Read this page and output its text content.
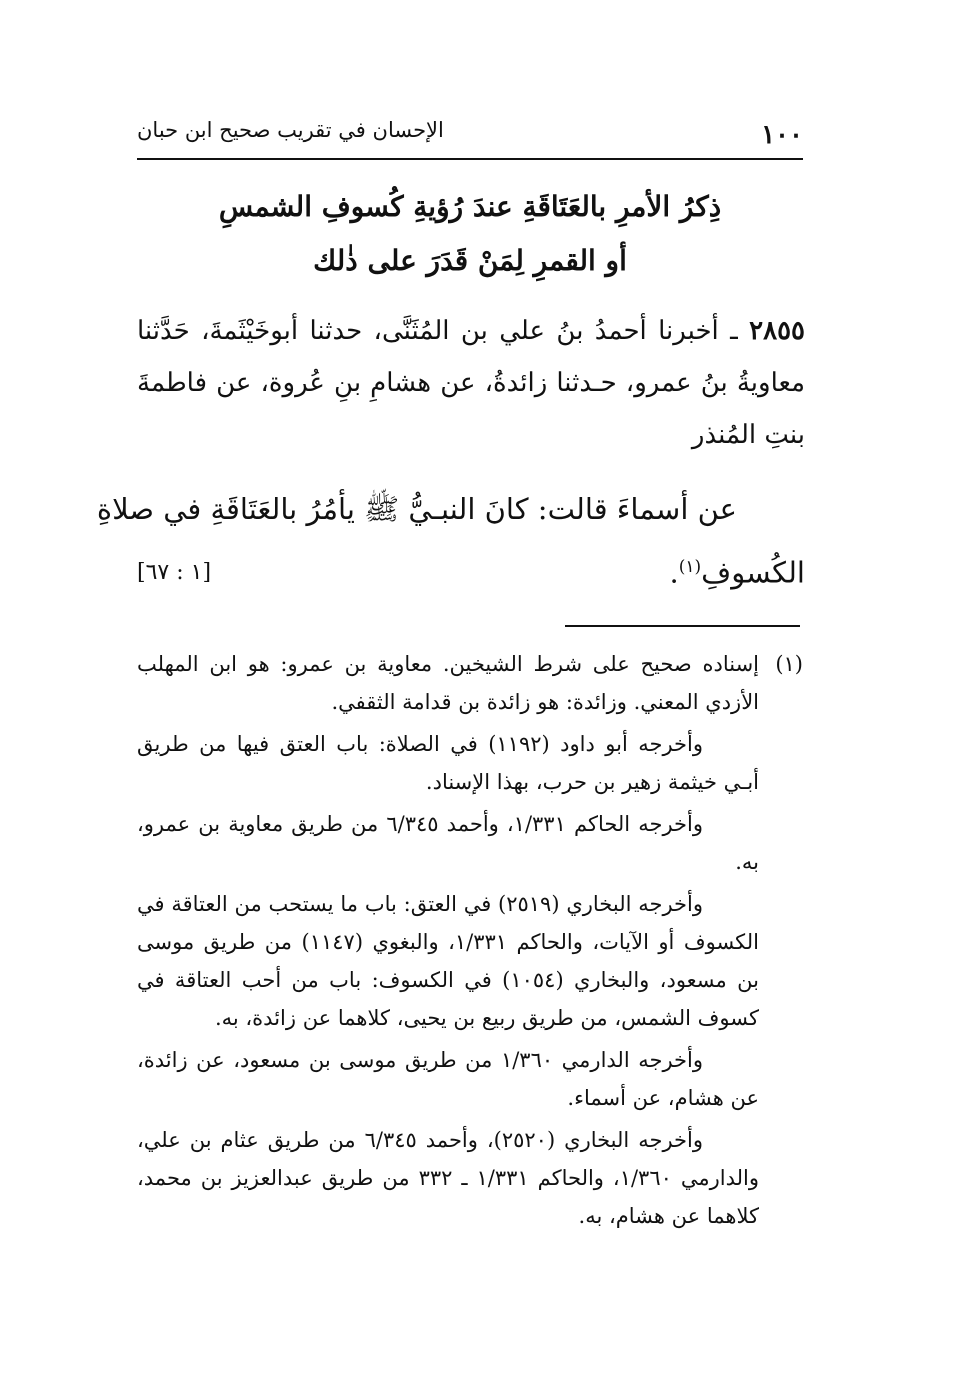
١٠٠
الإحسان في تقريب صحيح ابن حبان
ذِكرُ الأمرِ بالعَتَاقَةِ عندَ رُؤيةِ كُسوفِ الشمسِ
أو القمرِ لِمَنْ قَدَرَ على ذٰلك
٢٨٥٥ ـ أخبرنا أحمدُ بنُ علي بن المُثَنَّى، حدثنا أبوخَيْثَمةَ، حَدَّثنا معاويةُ بنُ عمرو، حـدثنا زائدةُ، عن هشامِ بنِ عُروة، عن فاطمةَ بنتِ المُنذر
عن أسماءَ قالت: كانَ النبـيُّ ﷺ يأمُرُ بالعَتَاقَةِ في صلاةِ
الكُسوفِ$^{(١)}$.
[١ : ٦٧]
(١)
إسناده صحيح على شرط الشيخين. معاوية بن عمرو: هو ابن المهلب الأزدي المعني. وزائدة: هو زائدة بن قدامة الثقفي.
وأخرجه أبو داود (١١٩٢) في الصلاة: باب العتق فيها من طريق أبـي خيثمة زهير بن حرب، بهذا الإسناد.
وأخرجه الحاكم ١/٣٣١، وأحمد ٦/٣٤٥ من طريق معاوية بن عمرو، به.
وأخرجه البخاري (٢٥١٩) في العتق: باب ما يستحب من العتاقة في الكسوف أو الآيات، والحاكم ١/٣٣١، والبغوي (١١٤٧) من طريق موسى بن مسعود، والبخاري (١٠٥٤) في الكسوف: باب من أحب العتاقة في كسوف الشمس، من طريق ربيع بن يحيى، كلاهما عن زائدة، به.
وأخرجه الدارمي ١/٣٦٠ من طريق موسى بن مسعود، عن زائدة، عن هشام، عن أسماء.
وأخرجه البخاري (٢٥٢٠)، وأحمد ٦/٣٤٥ من طريق عثام بن علي، والدارمي ١/٣٦٠، والحاكم ١/٣٣١ ـ ٣٣٢ من طريق عبدالعزيز بن محمد، كلاهما عن هشام، به.
